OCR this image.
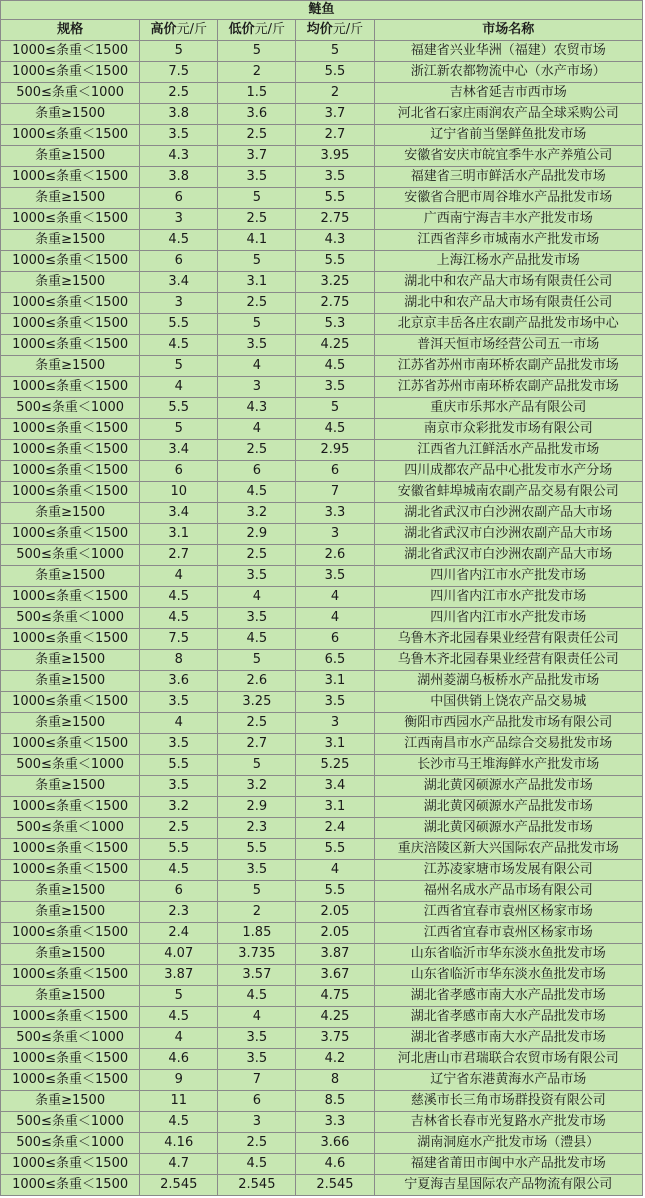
鲢鱼				
规格	高价元/斤	低价元/斤	均价元/斤	市场名称
1000≤条重＜1500	5	5	5	福建省兴业华洲（福建）农贸市场
1000≤条重＜1500	7.5	2	5.5	浙江新农都物流中心（水产市场）
500≤条重＜1000	2.5	1.5	2	吉林省延吉市西市场
条重≥1500	3.8	3.6	3.7	河北省石家庄雨润农产品全球采购公司
1000≤条重＜1500	3.5	2.5	2.7	辽宁省前当堡鲜鱼批发市场
条重≥1500	4.3	3.7	3.95	安徽省安庆市皖宜季牛水产养殖公司
1000≤条重＜1500	3.8	3.5	3.5	福建省三明市鲜活水产品批发市场
条重≥1500	6	5	5.5	安徽省合肥市周谷堆水产品批发市场
1000≤条重＜1500	3	2.5	2.75	广西南宁海吉丰水产批发市场
条重≥1500	4.5	4.1	4.3	江西省萍乡市城南水产批发市场
1000≤条重＜1500	6	5	5.5	上海江杨水产品批发市场
条重≥1500	3.4	3.1	3.25	湖北中和农产品大市场有限责任公司
1000≤条重＜1500	3	2.5	2.75	湖北中和农产品大市场有限责任公司
1000≤条重＜1500	5.5	5	5.3	北京京丰岳各庄农副产品批发市场中心
1000≤条重＜1500	4.5	3.5	4.25	普洱天恒市场经营公司五一市场
条重≥1500	5	4	4.5	江苏省苏州市南环桥农副产品批发市场
1000≤条重＜1500	4	3	3.5	江苏省苏州市南环桥农副产品批发市场
500≤条重＜1000	5.5	4.3	5	重庆市乐邦水产品有限公司
1000≤条重＜1500	5	4	4.5	南京市众彩批发市场有限公司
1000≤条重＜1500	3.4	2.5	2.95	江西省九江鲜活水产品批发市场
1000≤条重＜1500	6	6	6	四川成都农产品中心批发市水产分场
1000≤条重＜1500	10	4.5	7	安徽省蚌埠城南农副产品交易有限公司
条重≥1500	3.4	3.2	3.3	湖北省武汉市白沙洲农副产品大市场
1000≤条重＜1500	3.1	2.9	3	湖北省武汉市白沙洲农副产品大市场
500≤条重＜1000	2.7	2.5	2.6	湖北省武汉市白沙洲农副产品大市场
条重≥1500	4	3.5	3.5	四川省内江市水产批发市场
1000≤条重＜1500	4.5	4	4	四川省内江市水产批发市场
500≤条重＜1000	4.5	3.5	4	四川省内江市水产批发市场
1000≤条重＜1500	7.5	4.5	6	乌鲁木齐北园春果业经营有限责任公司
条重≥1500	8	5	6.5	乌鲁木齐北园春果业经营有限责任公司
条重≥1500	3.6	2.6	3.1	湖州菱湖乌板桥水产品批发市场
1000≤条重＜1500	3.5	3.25	3.5	中国供销上饶农产品交易城
条重≥1500	4	2.5	3	衡阳市西园水产品批发市场有限公司
1000≤条重＜1500	3.5	2.7	3.1	江西南昌市水产品综合交易批发市场
500≤条重＜1000	5.5	5	5.25	长沙市马王堆海鲜水产批发市场
条重≥1500	3.5	3.2	3.4	湖北黄冈硕源水产品批发市场
1000≤条重＜1500	3.2	2.9	3.1	湖北黄冈硕源水产品批发市场
500≤条重＜1000	2.5	2.3	2.4	湖北黄冈硕源水产品批发市场
1000≤条重＜1500	5.5	5.5	5.5	重庆涪陵区新大兴国际农产品批发市场
1000≤条重＜1500	4.5	3.5	4	江苏凌家塘市场发展有限公司
条重≥1500	6	5	5.5	福州名成水产品市场有限公司
条重≥1500	2.3	2	2.05	江西省宜春市袁州区杨家市场
1000≤条重＜1500	2.4	1.85	2.05	江西省宜春市袁州区杨家市场
条重≥1500	4.07	3.735	3.87	山东省临沂市华东淡水鱼批发市场
1000≤条重＜1500	3.87	3.57	3.67	山东省临沂市华东淡水鱼批发市场
条重≥1500	5	4.5	4.75	湖北省孝感市南大水产品批发市场
1000≤条重＜1500	4.5	4	4.25	湖北省孝感市南大水产品批发市场
500≤条重＜1000	4	3.5	3.75	湖北省孝感市南大水产品批发市场
1000≤条重＜1500	4.6	3.5	4.2	河北唐山市君瑞联合农贸市场有限公司
1000≤条重＜1500	9	7	8	辽宁省东港黄海水产品市场
条重≥1500	11	6	8.5	慈溪市长三角市场群投资有限公司
500≤条重＜1000	4.5	3	3.3	吉林省长春市光复路水产批发市场
500≤条重＜1000	4.16	2.5	3.66	湖南洞庭水产批发市场（澧县）
1000≤条重＜1500	4.7	4.5	4.6	福建省莆田市闽中水产品批发市场
1000≤条重＜1500	2.545	2.545	2.545	宁夏海吉星国际农产品物流有限公司
